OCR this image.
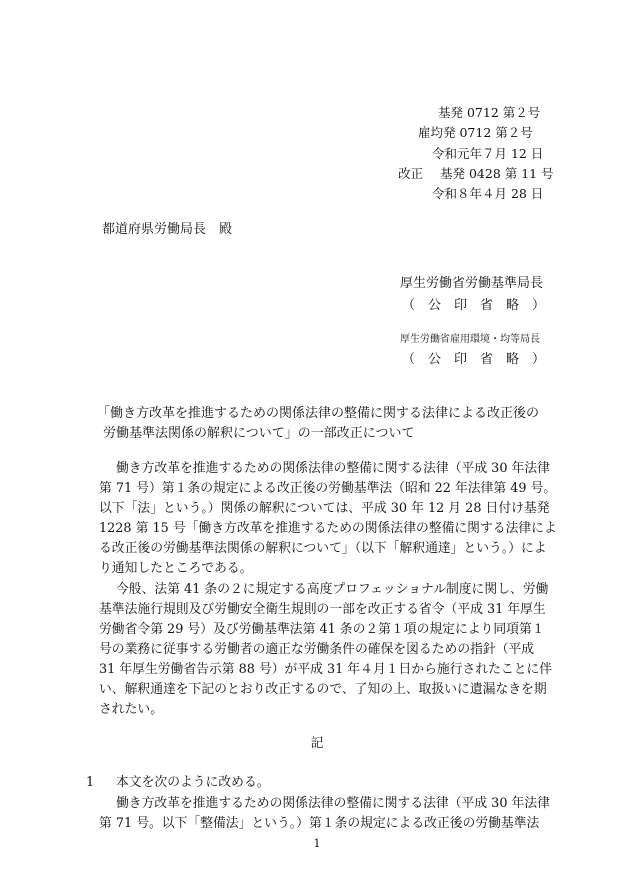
基発 0712 第２号
雇均発 0712 第２号
令和元年７月 12 日
改正 基発 0428 第 11 号
令和８年４月 28 日
都道府県労働局長　殿
厚生労働省労働基準局長
（　公　印　省　略　）
厚生労働省雇用環境・均等局長
（　公　印　省　略　）
「働き方改革を推進するための関係法律の整備に関する法律による改正後の
労働基準法関係の解釈について」の一部改正について
働き方改革を推進するための関係法律の整備に関する法律（平成 30 年法律
第 71 号）第１条の規定による改正後の労働基準法（昭和 22 年法律第 49 号。
以下「法」という。）関係の解釈については、平成 30 年 12 月 28 日付け基発
1228 第 15 号「働き方改革を推進するための関係法律の整備に関する法律によ
る改正後の労働基準法関係の解釈について」（以下「解釈通達」という。）によ
り通知したところである。
今般、法第 41 条の２に規定する高度プロフェッショナル制度に関し、労働
基準法施行規則及び労働安全衛生規則の一部を改正する省令（平成 31 年厚生
労働省令第 29 号）及び労働基準法第 41 条の２第１項の規定により同項第１
号の業務に従事する労働者の適正な労働条件の確保を図るための指針（平成
31 年厚生労働省告示第 88 号）が平成 31 年４月１日から施行されたことに伴
い、解釈通達を下記のとおり改正するので、了知の上、取扱いに遺漏なきを期
されたい。
記
1 本文を次のように改める。
働き方改革を推進するための関係法律の整備に関する法律（平成 30 年法律
第 71 号。以下「整備法」という。）第１条の規定による改正後の労働基準法
1
